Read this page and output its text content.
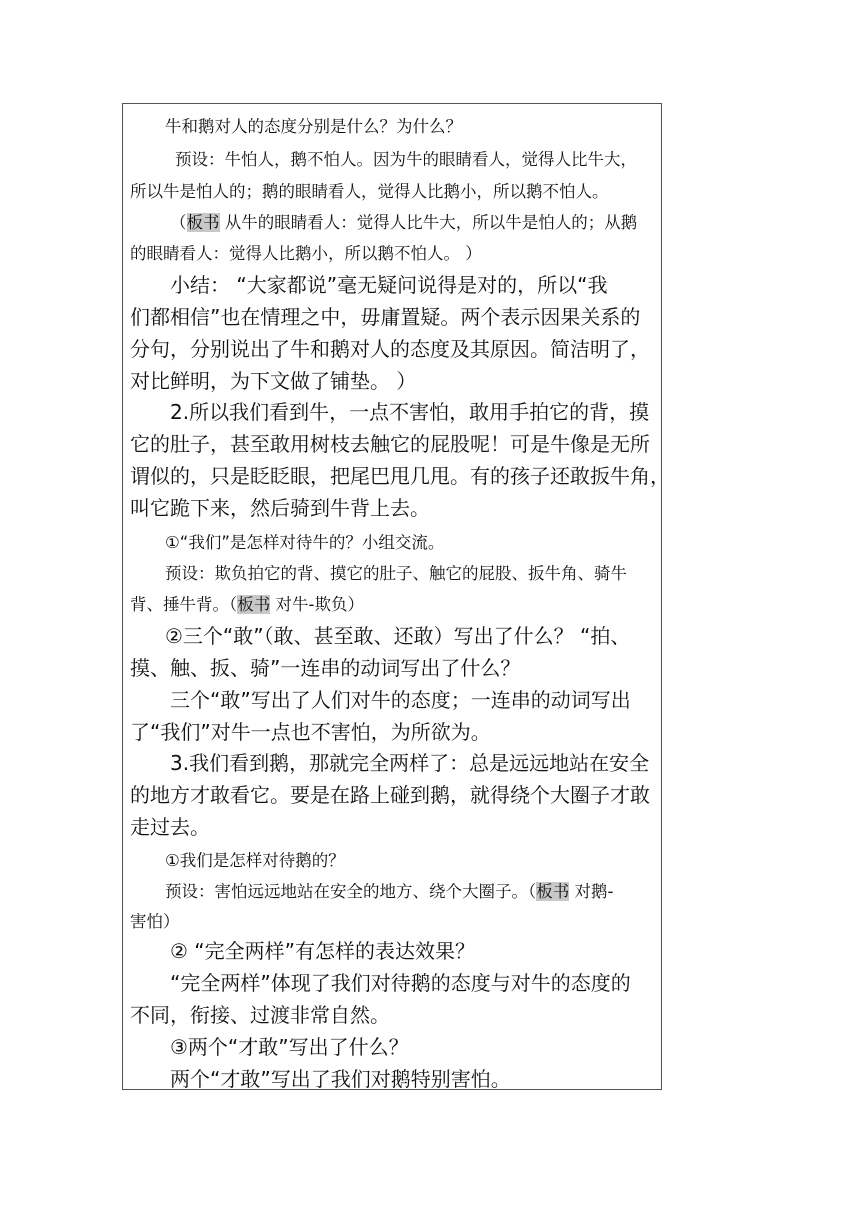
牛和鹅对人的态度分别是什么？为什么？
预设：牛怕人，鹅不怕人。因为牛的眼睛看人，觉得人比牛大，
所以牛是怕人的；鹅的眼睛看人，觉得人比鹅小，所以鹅不怕人。
（板书 从牛的眼睛看人：觉得人比牛大，所以牛是怕人的；从鹅
的眼睛看人：觉得人比鹅小，所以鹅不怕人。 ）
小结： “大家都说”毫无疑问说得是对的，所以“我
们都相信”也在情理之中，毋庸置疑。两个表示因果关系的
分句，分别说出了牛和鹅对人的态度及其原因。简洁明了，
对比鲜明，为下文做了铺垫。 ）
2.所以我们看到牛，一点不害怕，敢用手拍它的背，摸
它的肚子，甚至敢用树枝去触它的屁股呢！可是牛像是无所
谓似的，只是眨眨眼，把尾巴甩几甩。有的孩子还敢扳牛角，
叫它跪下来，然后骑到牛背上去。
①“我们”是怎样对待牛的？小组交流。
预设：欺负拍它的背、摸它的肚子、触它的屁股、扳牛角、骑牛
背、捶牛背。（板书 对牛-欺负）
②三个“敢”（敢、甚至敢、还敢）写出了什么？ “拍、
摸、触、扳、骑”一连串的动词写出了什么？
三个“敢”写出了人们对牛的态度；一连串的动词写出
了“我们”对牛一点也不害怕，为所欲为。
3.我们看到鹅，那就完全两样了：总是远远地站在安全
的地方才敢看它。要是在路上碰到鹅，就得绕个大圈子才敢
走过去。
①我们是怎样对待鹅的？
预设：害怕远远地站在安全的地方、绕个大圈子。（板书 对鹅-
害怕）
② “完全两样”有怎样的表达效果？
“完全两样”体现了我们对待鹅的态度与对牛的态度的
不同，衔接、过渡非常自然。
③两个“才敢”写出了什么？
两个“才敢”写出了我们对鹅特别害怕。
